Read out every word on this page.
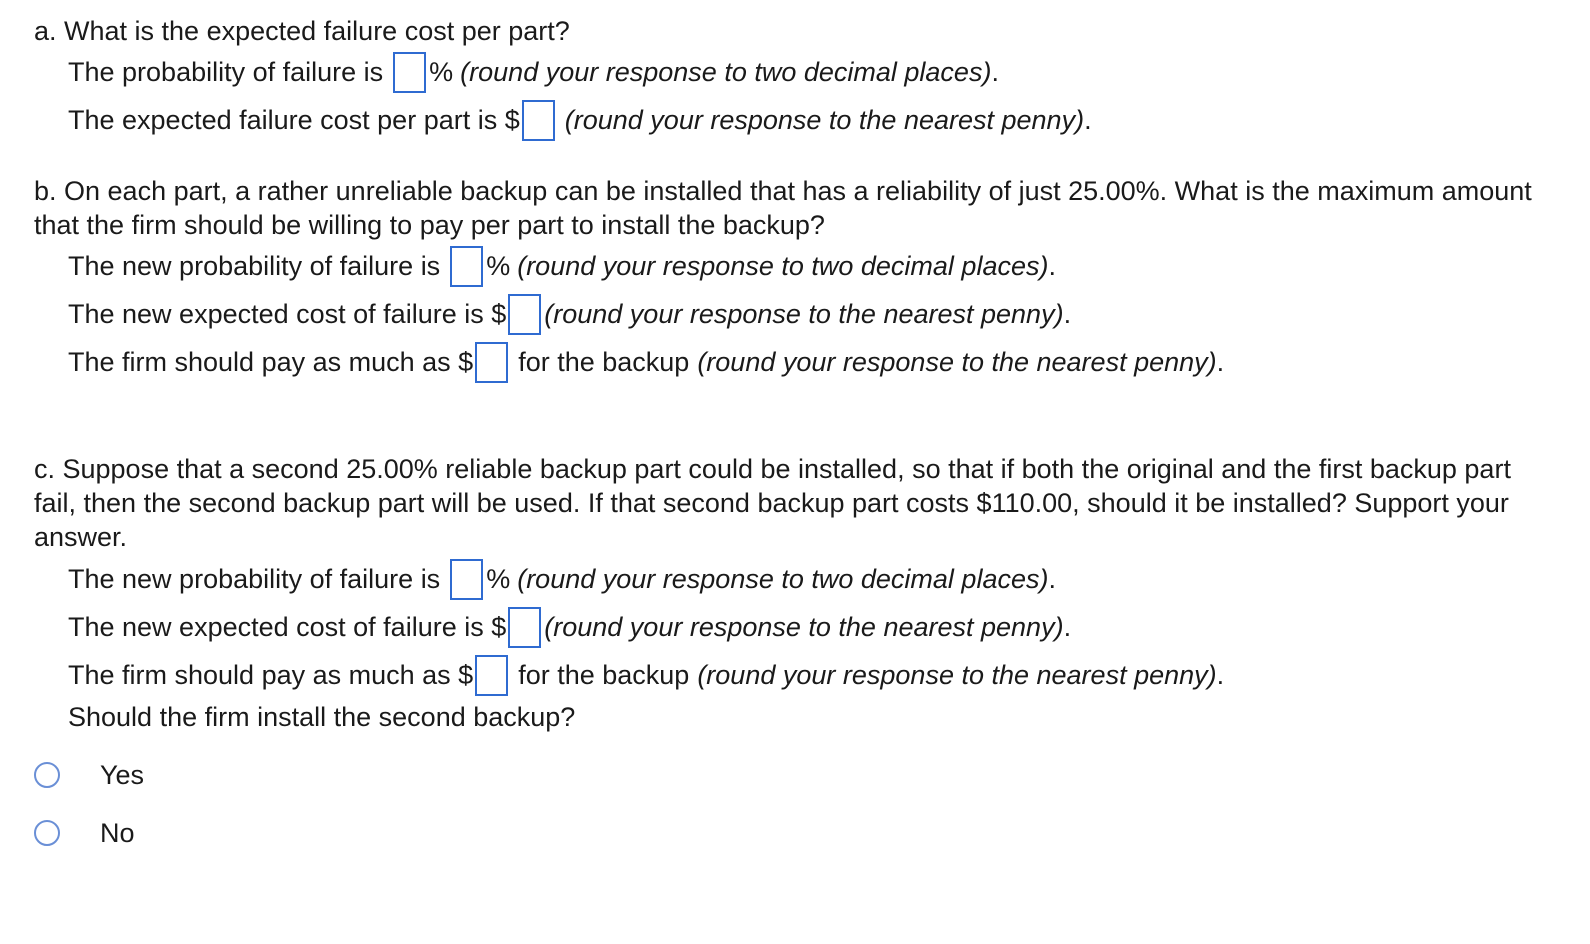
a. What is the expected failure cost per part?
The probability of failure is % (round your response to two decimal places) .
The expected failure cost per part is $ (round your response to the nearest penny) .
b. On each part, a rather unreliable backup can be installed that has a reliability of just 25.00%. What is the maximum amount that the firm should be willing to pay per part to install the backup?
The new probability of failure is % (round your response to two decimal places) .
The new expected cost of failure is $ (round your response to the nearest penny) .
The firm should pay as much as $ for the backup (round your response to the nearest penny) .
c. Suppose that a second 25.00% reliable backup part could be installed, so that if both the original and the first backup part fail, then the second backup part will be used. If that second backup part costs $110.00, should it be installed? Support your answer.
The new probability of failure is % (round your response to two decimal places) .
The new expected cost of failure is $ (round your response to the nearest penny) .
The firm should pay as much as $ for the backup (round your response to the nearest penny) .
Should the firm install the second backup?
Yes
No
